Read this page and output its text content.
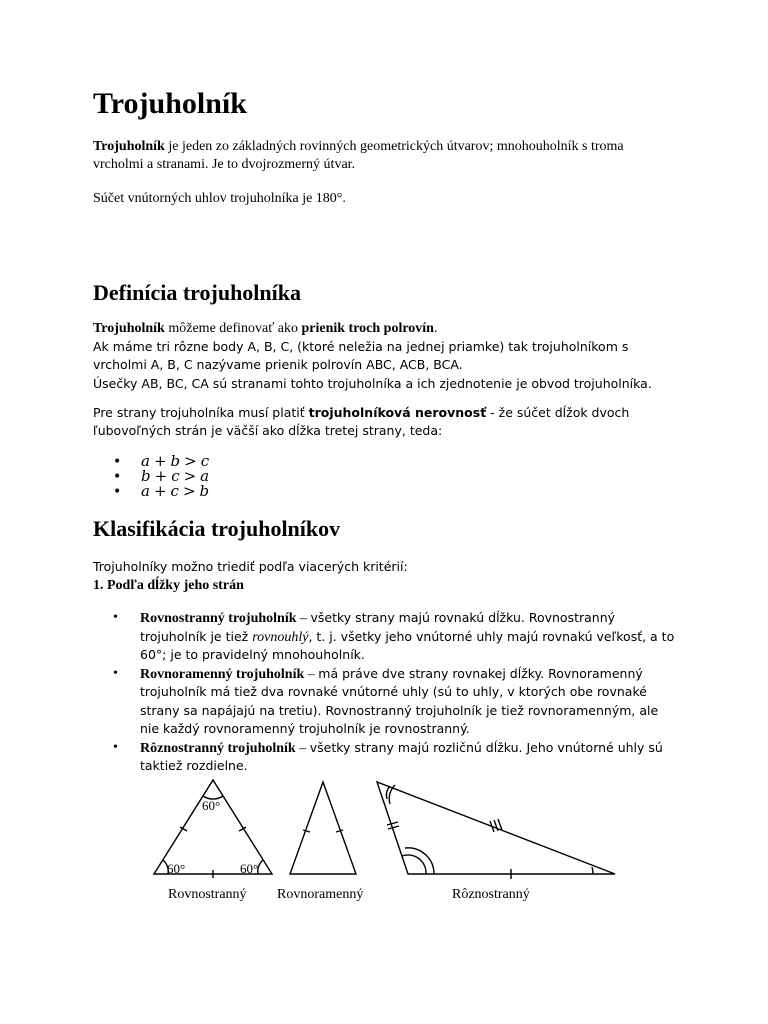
Trojuholník

Trojuholník je jeden zo základných rovinných geometrických útvarov; mnohouholník s troma vrcholmi a stranami. Je to dvojrozmerný útvar.

Súčet vnútorných uhlov trojuholníka je 180°.

Definícia trojuholníka

Trojuholník môžeme definovať ako prienik troch polrovín.
Ak máme tri rôzne body A, B, C, (ktoré neležia na jednej priamke) tak trojuholníkom s vrcholmi A, B, C nazývame prienik polrovín ABC, ACB, BCA.
Úsečky AB, BC, CA sú stranami tohto trojuholníka a ich zjednotenie je obvod trojuholníka.

Pre strany trojuholníka musí platiť trojuholníková nerovnosť - že súčet dĺžok dvoch ľubovoľných strán je väčší ako dĺžka tretej strany, teda:

• a + b > c
• b + c > a
• a + c > b
Klasifikácia trojuholníkov

Trojuholníky možno triediť podľa viacerých kritérií:
1. Podľa dĺžky jeho strán

• Rovnostranný trojuholník – všetky strany majú rovnakú dĺžku. Rovnostranný trojuholník je tiež rovnouhlý, t. j. všetky jeho vnútorné uhly majú rovnakú veľkosť, a to 60°; je to pravidelný mnohouholník.
• Rovnoramenný trojuholník – má práve dve strany rovnakej dĺžky. Rovnoramenný trojuholník má tiež dva rovnaké vnútorné uhly (sú to uhly, v ktorých obe rovnaké strany sa napájajú na tretiu). Rovnostranný trojuholník je tiež rovnoramenným, ale nie každý rovnoramenný trojuholník je rovnostranný.
• Rôznostranný trojuholník – všetky strany majú rozličnú dĺžku. Jeho vnútorné uhly sú taktiež rozdielne.
60°
60°	60°
Rovnostranný Rovnoramenný	Rôznostranný
